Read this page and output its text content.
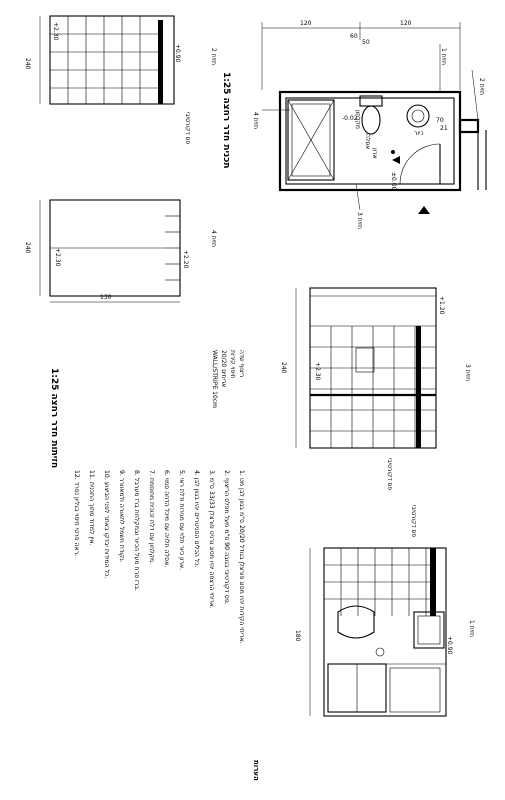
120	120
60
50
מקלחון
אסלה
כיור
ארון
±0.00
-0.02
21
70
1 חזית
2 חזית
3 חזית
4 חזית
תכנית חדר רחצה 1:25
240
+2.30
+0.90
פס דקורטיבי
חזית 2
240
130
+2.30	+2.20
חזית 4
240	+2.30
+1.20
פס דקורטיבי
חזית 3
180
+0.90
פס דקורטיבי
חזית 1
הערות
1. אריחי הקירות יהיו מסוג פורצלן בגודל 20/20 ס"מ בגוון לבן מט.
2. פס דקורטיבי בגובה 90 ס"מ מעל מפלס הריצוף.
3. אריחי הרצפה יהיו מסוג גרניט פורצלן 33/33 ס"מ.
4. כל הכלים הסניטריים יהיו בגוון לבן.
5. ארון כיור תלוי עם מגירות ודלת ראי.
6. אסלה תלויה עם מיכל הדחה סמוי.
7. מקלחון עם דלת זכוכית מחוסמת.
8. ברז פרח מעל הכיור ובמקלחת ברז מערבל.
9. נקודת חשמל לתאורה ולמאוורר.
10. כל המידות יבדקו באתר לפני הביצוע.
11. אין למדוד מתוך התכנית.
12. ראה פרטי חיפוי בגליון נפרד.
חזיתות חדר רחצה 1:25
ריצוף שדה
חיפוי קירות
אריחים 20/20
WALL/STRIPE 10cm
